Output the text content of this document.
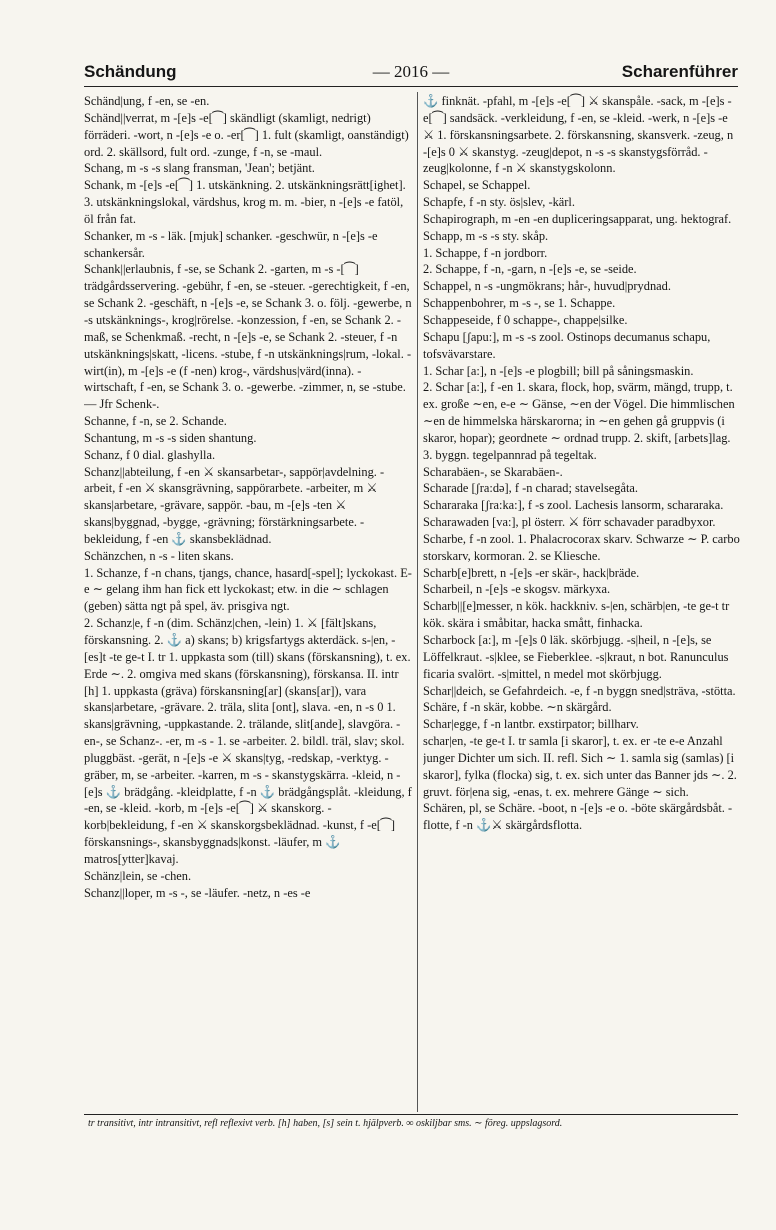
Schändung	— 2016 —	Scharenführer

Schänd|ung, f -en, se -en.

Schänd||verrat, m -[e]s -e[⁀] skändligt (skamligt, nedrigt) förräderi. -wort, n -[e]s -e o. -er[⁀] 1. fult (skamligt, oanständigt) ord. 2. skällsord, fult ord. -zunge, f -n, se -maul.

Schang, m -s -s slang fransman, 'Jean'; betjänt.

Schank, m -[e]s -e[⁀] 1. utskänkning. 2. utskänkningsrätt[ighet]. 3. utskänkningslokal, värdshus, krog m. m. -bier, n -[e]s -e fatöl, öl från fat.

Schanker, m -s - läk. [mjuk] schanker. -geschwür, n -[e]s -e schankersår.

Schank||erlaubnis, f -se, se Schank 2. -garten, m -s -[⁀] trädgårdsservering. -gebühr, f -en, se -steuer. -gerechtigkeit, f -en, se Schank 2. -geschäft, n -[e]s -e, se Schank 3. o. följ. -gewerbe, n -s utskänknings-, krog|rörelse. -konzession, f -en, se Schank 2. -maß, se Schenkmaß. -recht, n -[e]s -e, se Schank 2. -steuer, f -n utskänknings|skatt, -licens. -stube, f -n utskänknings|rum, -lokal. -wirt(in), m -[e]s -e (f -nen) krog-, värdshus|värd(inna). -wirtschaft, f -en, se Schank 3. o. -gewerbe. -zimmer, n, se -stube. — Jfr Schenk-.

Schanne, f -n, se 2. Schande.

Schantung, m -s -s siden shantung.

Schanz, f 0 dial. glashylla.

Schanz||abteilung, f -en ⚔ skansarbetar-, sappör|avdelning. -arbeit, f -en ⚔ skansgrävning, sappörarbete. -arbeiter, m ⚔ skans|arbetare, -grävare, sappör. -bau, m -[e]s -ten ⚔ skans|byggnad, -bygge, -grävning; förstärkningsarbete. -bekleidung, f -en ⚓ skansbeklädnad.

Schänzchen, n -s - liten skans.

1. Schanze, f -n chans, tjangs, chance, hasard[-spel]; lyckokast. E-e ∼ gelang ihm han fick ett lyckokast; etw. in die ∼ schlagen (geben) sätta ngt på spel, äv. prisgiva ngt.

2. Schanz|e, f -n (dim. Schänz|chen, -lein) 1. ⚔ [fält]skans, förskansning. 2. ⚓ a) skans; b) krigsfartygs akterdäck. s-|en, -[es]t -te ge-t I. tr 1. uppkasta som (till) skans (förskansning), t. ex. Erde ∼. 2. omgiva med skans (förskansning), förskansa. II. intr [h] 1. uppkasta (gräva) förskansning[ar] (skans[ar]), vara skans|arbetare, -grävare. 2. träla, slita [ont], slava. -en, n -s 0 1. skans|grävning, -uppkastande. 2. trälande, slit[ande], slavgöra. -en-, se Schanz-. -er, m -s - 1. se -arbeiter. 2. bildl. träl, slav; skol. pluggbäst. -gerät, n -[e]s -e ⚔ skans|tyg, -redskap, -verktyg. -gräber, m, se -arbeiter. -karren, m -s - skanstygskärra. -kleid, n -[e]s ⚓ brädgång. -kleidplatte, f -n ⚓ brädgångsplåt. -kleidung, f -en, se -kleid. -korb, m -[e]s -e[⁀] ⚔ skanskorg. -korb|bekleidung, f -en ⚔ skanskorgsbeklädnad. -kunst, f -e[⁀] förskansnings-, skansbyggnads|konst. -läufer, m ⚓ matros[ytter]kavaj.

Schänz|lein, se -chen.

Schanz||loper, m -s -, se -läufer. -netz, n -es -e

⚓ finknät. -pfahl, m -[e]s -e[⁀] ⚔ skanspåle. -sack, m -[e]s -e[⁀] sandsäck. -verkleidung, f -en, se -kleid. -werk, n -[e]s -e ⚔ 1. förskansningsarbete. 2. förskansning, skansverk. -zeug, n -[e]s 0 ⚔ skanstyg. -zeug|depot, n -s -s skanstygsförråd. -zeug|kolonne, f -n ⚔ skanstygskolonn.

Schapel, se Schappel.

Schapfe, f -n sty. ös|slev, -kärl.

Schapirograph, m -en -en dupliceringsapparat, ung. hektograf.

Schapp, m -s -s sty. skåp.

1. Schappe, f -n jordborr.

2. Schappe, f -n, -garn, n -[e]s -e, se -seide.

Schappel, n -s -ungmökrans; hår-, huvud|prydnad.

Schappenbohrer, m -s -, se 1. Schappe.

Schappeseide, f 0 schappe-, chappe|silke.

Schapu [ʃapu:], m -s -s zool. Ostinops decumanus schapu, tofsvävarstare.

1. Schar [a:], n -[e]s -e plogbill; bill på såningsmaskin.

2. Schar [a:], f -en 1. skara, flock, hop, svärm, mängd, trupp, t. ex. große ∼en, e-e ∼ Gänse, ∼en der Vögel. Die himmlischen ∼en de himmelska härskarorna; in ∼en gehen gå gruppvis (i skaror, hopar); geordnete ∼ ordnad trupp. 2. skift, [arbets]lag. 3. byggn. tegelpannrad på tegeltak.

Scharabäen-, se Skarabäen-.

Scharade [ʃra:də], f -n charad; stavelsegåta.

Schararaka [ʃra:ka:], f -s zool. Lachesis lansorm, schararaka.

Scharawaden [va:], pl österr. ⚔ förr schavader paradbyxor.

Scharbe, f -n zool. 1. Phalacrocorax skarv. Schwarze ∼ P. carbo storskarv, kormoran. 2. se Kliesche.

Scharb[e]brett, n -[e]s -er skär-, hack|bräde.

Scharbeil, n -[e]s -e skogsv. märkyxa.

Scharb||[e]messer, n kök. hackkniv. s-|en, schärb|en, -te ge-t tr kök. skära i småbitar, hacka smått, finhacka.

Scharbock [a:], m -[e]s 0 läk. skörbjugg. -s|heil, n -[e]s, se Löffelkraut. -s|klee, se Fieberklee. -s|kraut, n bot. Ranunculus ficaria svalört. -s|mittel, n medel mot skörbjugg.

Schar||deich, se Gefahrdeich. -e, f -n byggn sned|sträva, -stötta.

Schäre, f -n skär, kobbe. ∼n skärgård.

Schar|egge, f -n lantbr. exstirpator; billharv.

schar|en, -te ge-t I. tr samla [i skaror], t. ex. er -te e-e Anzahl junger Dichter um sich. II. refl. Sich ∼ 1. samla sig (samlas) [i skaror], fylka (flocka) sig, t. ex. sich unter das Banner jds ∼. 2. gruvt. för|ena sig, -enas, t. ex. mehrere Gänge ∼ sich.

Schären, pl, se Schäre. -boot, n -[e]s -e o. -böte skärgårdsbåt. -flotte, f -n ⚓⚔ skärgårdsflotta.

tr transitivt, intr intransitivt, refl reflexivt verb. [h] haben, [s] sein t. hjälpverb. ∞ oskiljbar sms. ∼ föreg. uppslagsord.
